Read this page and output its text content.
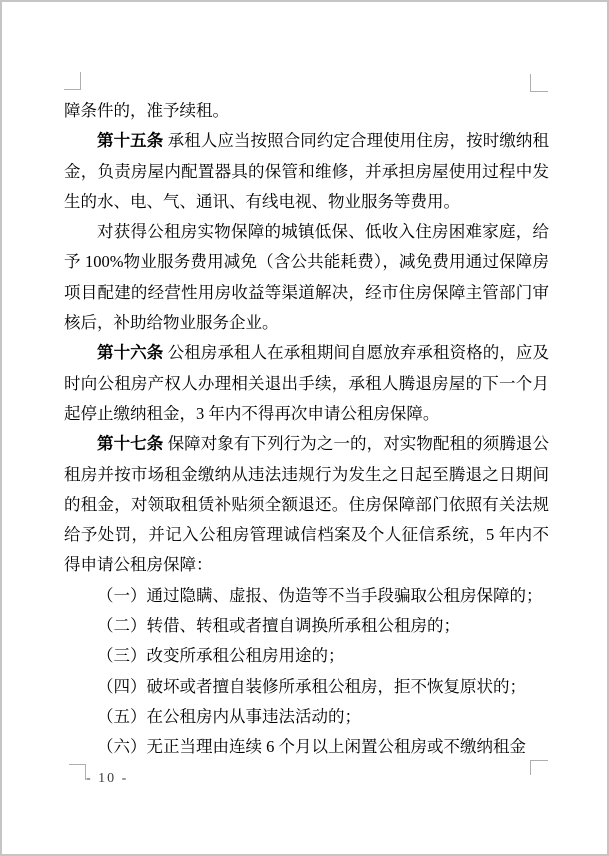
障条件的，准予续租。

第十五条 承租人应当按照合同约定合理使用住房，按时缴纳租金，负责房屋内配置器具的保管和维修，并承担房屋使用过程中发生的水、电、气、通讯、有线电视、物业服务等费用。

对获得公租房实物保障的城镇低保、低收入住房困难家庭，给予 100%物业服务费用减免（含公共能耗费），减免费用通过保障房项目配建的经营性用房收益等渠道解决，经市住房保障主管部门审核后，补助给物业服务企业。

第十六条 公租房承租人在承租期间自愿放弃承租资格的，应及时向公租房产权人办理相关退出手续，承租人腾退房屋的下一个月起停止缴纳租金，3 年内不得再次申请公租房保障。

第十七条 保障对象有下列行为之一的，对实物配租的须腾退公租房并按市场租金缴纳从违法违规行为发生之日起至腾退之日期间的租金，对领取租赁补贴须全额退还。住房保障部门依照有关法规给予处罚，并记入公租房管理诚信档案及个人征信系统，5 年内不得申请公租房保障：

（一）通过隐瞒、虚报、伪造等不当手段骗取公租房保障的；

（二）转借、转租或者擅自调换所承租公租房的；

（三）改变所承租公租房用途的；

（四）破坏或者擅自装修所承租公租房，拒不恢复原状的；

（五）在公租房内从事违法活动的；

（六）无正当理由连续 6 个月以上闲置公租房或不缴纳租金

- 10 -
